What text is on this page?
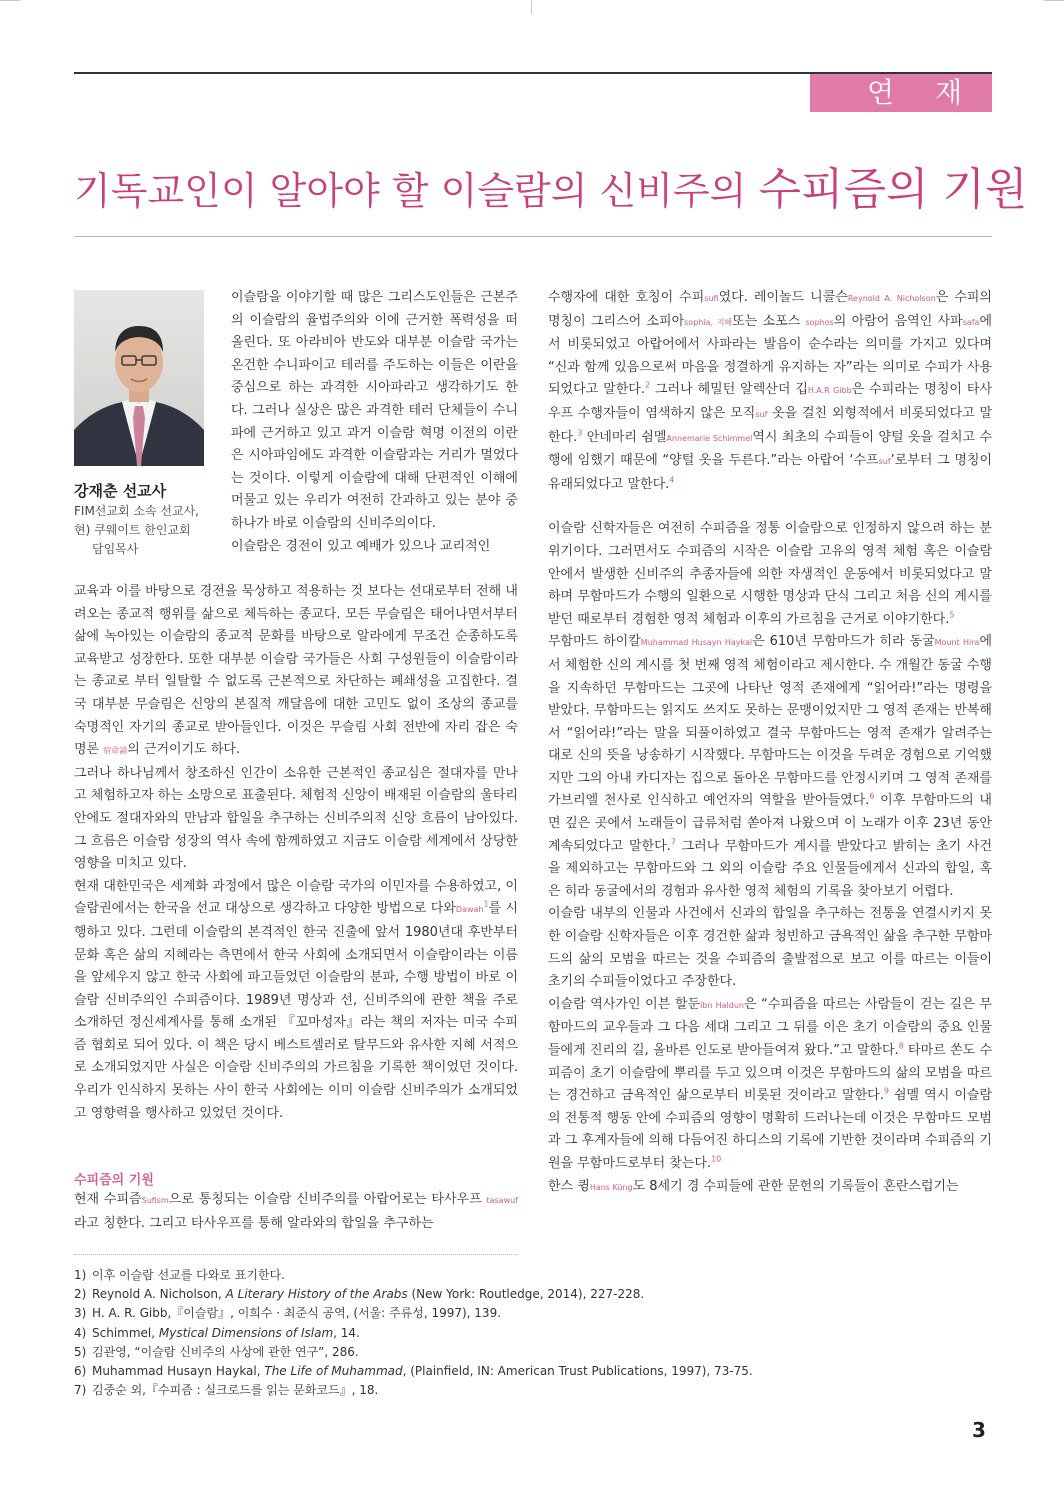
연 재
기독교인이 알아야 할 이슬람의 신비주의 수피즘의 기원
강재춘 선교사
FIM선교회 소속 선교사,
현) 쿠웨이트 한인교회
담임목사

이슬람을 이야기할 때 많은 그리스도인들은 근본주의 이슬람의 율법주의와 이에 근거한 폭력성을 떠올린다. 또 아라비아 반도와 대부분 이슬람 국가는 온건한 수니파이고 테러를 주도하는 이들은 이란을 중심으로 하는 과격한 시아파라고 생각하기도 한다. 그러나 실상은 많은 과격한 테러 단체들이 수니파에 근거하고 있고 과거 이슬람 혁명 이전의 이란은 시아파임에도 과격한 이슬람과는 거리가 멀었다는 것이다. 이렇게 이슬람에 대해 단편적인 이해에 머물고 있는 우리가 여전히 간과하고 있는 분야 중 하나가 바로 이슬람의 신비주의이다.

이슬람은 경전이 있고 예배가 있으나 교리적인

교육과 이를 바탕으로 경전을 묵상하고 적용하는 것 보다는 선대로부터 전해 내려오는 종교적 행위를 삶으로 체득하는 종교다. 모든 무슬림은 태어나면서부터 삶에 녹아있는 이슬람의 종교적 문화를 바탕으로 알라에게 무조건 순종하도록 교육받고 성장한다. 또한 대부분 이슬람 국가들은 사회 구성원들이 이슬람이라는 종교로 부터 일탈할 수 없도록 근본적으로 차단하는 폐쇄성을 고집한다. 결국 대부분 무슬림은 신앙의 본질적 깨달음에 대한 고민도 없이 조상의 종교를 숙명적인 자기의 종교로 받아들인다. 이것은 무슬림 사회 전반에 자리 잡은 숙명론 宿命論의 근거이기도 하다.

그러나 하나님께서 창조하신 인간이 소유한 근본적인 종교심은 절대자를 만나고 체험하고자 하는 소망으로 표출된다. 체험적 신앙이 배재된 이슬람의 울타리 안에도 절대자와의 만남과 합일을 추구하는 신비주의적 신앙 흐름이 남아있다. 그 흐름은 이슬람 성장의 역사 속에 함께하였고 지금도 이슬람 세계에서 상당한 영향을 미치고 있다.

현재 대한민국은 세계화 과정에서 많은 이슬람 국가의 이민자를 수용하였고, 이슬람권에서는 한국을 선교 대상으로 생각하고 다양한 방법으로 다와Dawah$^1$를 시행하고 있다. 그런데 이슬람의 본격적인 한국 진출에 앞서 1980년대 후반부터 문화 혹은 삶의 지혜라는 측면에서 한국 사회에 소개되면서 이슬람이라는 이름을 앞세우지 않고 한국 사회에 파고들었던 이슬람의 분파, 수행 방법이 바로 이슬람 신비주의인 수피즘이다. 1989년 명상과 선, 신비주의에 관한 책을 주로 소개하던 정신세계사를 통해 소개된 『꼬마성자』라는 책의 저자는 미국 수피즘 협회로 되어 있다. 이 책은 당시 베스트셀러로 탈무드와 유사한 지혜 서적으로 소개되었지만 사실은 이슬람 신비주의의 가르침을 기록한 책이었던 것이다. 우리가 인식하지 못하는 사이 한국 사회에는 이미 이슬람 신비주의가 소개되었고 영향력을 행사하고 있었던 것이다.

수피즘의 기원

현재 수피즘Sufism으로 통칭되는 이슬람 신비주의를 아랍어로는 타사우프 tasawuf라고 칭한다. 그리고 타사우프를 통해 알라와의 합일을 추구하는

수행자에 대한 호칭이 수피sufi였다. 레이놀드 니콜슨Reynold A. Nicholson은 수피의 명칭이 그리스어 소피아sophia, 지혜또는 소포스 sophos의 아람어 음역인 사파safa에서 비롯되었고 아랍어에서 사파라는 발음이 순수라는 의미를 가지고 있다며 “신과 함께 있음으로써 마음을 정결하게 유지하는 자”라는 의미로 수피가 사용되었다고 말한다.$^2$ 그러나 헤밀턴 알렉산더 깁H.A.R Gibb은 수피라는 명칭이 타사우프 수행자들이 염색하지 않은 모직suf 옷을 걸친 외형적에서 비롯되었다고 말한다.$^3$ 안네마리 쉼멜Annemarie Schimmel역시 최초의 수피들이 양털 옷을 걸치고 수행에 임했기 때문에 “양털 옷을 두른다.”라는 아랍어 ‘수프suf’로부터 그 명칭이 유래되었다고 말한다.$^4$

이슬람 신학자들은 여전히 수피즘을 정통 이슬람으로 인정하지 않으려 하는 분위기이다. 그러면서도 수피즘의 시작은 이슬람 고유의 영적 체험 혹은 이슬람 안에서 발생한 신비주의 추종자들에 의한 자생적인 운동에서 비롯되었다고 말하며 무함마드가 수행의 일환으로 시행한 명상과 단식 그리고 처음 신의 계시를 받던 때로부터 경험한 영적 체험과 이후의 가르침을 근거로 이야기한다.$^5$

무함마드 하이칼Muhammad Husayn Haykal은 610년 무함마드가 히라 동굴Mount Hira에서 체험한 신의 계시를 첫 번째 영적 체험이라고 제시한다. 수 개월간 동굴 수행을 지속하던 무함마드는 그곳에 나타난 영적 존재에게 “읽어라!”라는 명령을 받았다. 무함마드는 읽지도 쓰지도 못하는 문맹이었지만 그 영적 존재는 반복해서 “읽어라!”라는 말을 되풀이하였고 결국 무함마드는 영적 존재가 알려주는 대로 신의 뜻을 낭송하기 시작했다. 무함마드는 이것을 두려운 경험으로 기억했지만 그의 아내 카디자는 집으로 돌아온 무함마드를 안정시키며 그 영적 존재를 가브리엘 천사로 인식하고 예언자의 역할을 받아들였다.$^6$ 이후 무함마드의 내면 깊은 곳에서 노래들이 급류처럼 쏟아져 나왔으며 이 노래가 이후 23년 동안 계속되었다고 말한다.$^7$ 그러나 무함마드가 계시를 받았다고 밝히는 초기 사건을 제외하고는 무함마드와 그 외의 이슬람 주요 인물들에게서 신과의 합일, 혹은 히라 동굴에서의 경험과 유사한 영적 체험의 기록을 찾아보기 어렵다.

이슬람 내부의 인물과 사건에서 신과의 합일을 추구하는 전통을 연결시키지 못한 이슬람 신학자들은 이후 경건한 삶과 청빈하고 금욕적인 삶을 추구한 무함마드의 삶의 모범을 따르는 것을 수피즘의 출발점으로 보고 이를 따르는 이들이 초기의 수피들이었다고 주장한다.

이슬람 역사가인 이븐 할둔Ibn Haldun은 “수피즘을 따르는 사람들이 걷는 길은 무함마드의 교우들과 그 다음 세대 그리고 그 뒤를 이은 초기 이슬람의 중요 인물들에게 진리의 길, 올바른 인도로 받아들여져 왔다.”고 말한다.$^8$ 타마르 쏜도 수피즘이 초기 이슬람에 뿌리를 두고 있으며 이것은 무함마드의 삶의 모범을 따르는 경건하고 금욕적인 삶으로부터 비롯된 것이라고 말한다.$^9$ 쉼멜 역시 이슬람의 전통적 행동 안에 수피즘의 영향이 명확히 드러나는데 이것은 무함마드 모범과 그 후계자들에 의해 다듬어진 하디스의 기록에 기반한 것이라며 수피즘의 기원을 무함마드로부터 찾는다.$^{10}$

한스 큉Hans Küng도 8세기 경 수피들에 관한 문헌의 기록들이 혼란스럽기는

1) 이후 이슬람 선교를 다와로 표기한다.
2) Reynold A. Nicholson, A Literary History of the Arabs (New York: Routledge, 2014), 227-228.
3) H. A. R. Gibb,『이슬람』, 이희수 · 최준식 공역, (서울: 주류성, 1997), 139.
4) Schimmel, Mystical Dimensions of Islam, 14.
5) 김관영, “이슬람 신비주의 사상에 관한 연구”, 286.
6) Muhammad Husayn Haykal, The Life of Muhammad, (Plainfield, IN: American Trust Publications, 1997), 73-75.
7) 김중순 외,『수피즘 : 실크로드를 읽는 문화코드』, 18.
3
